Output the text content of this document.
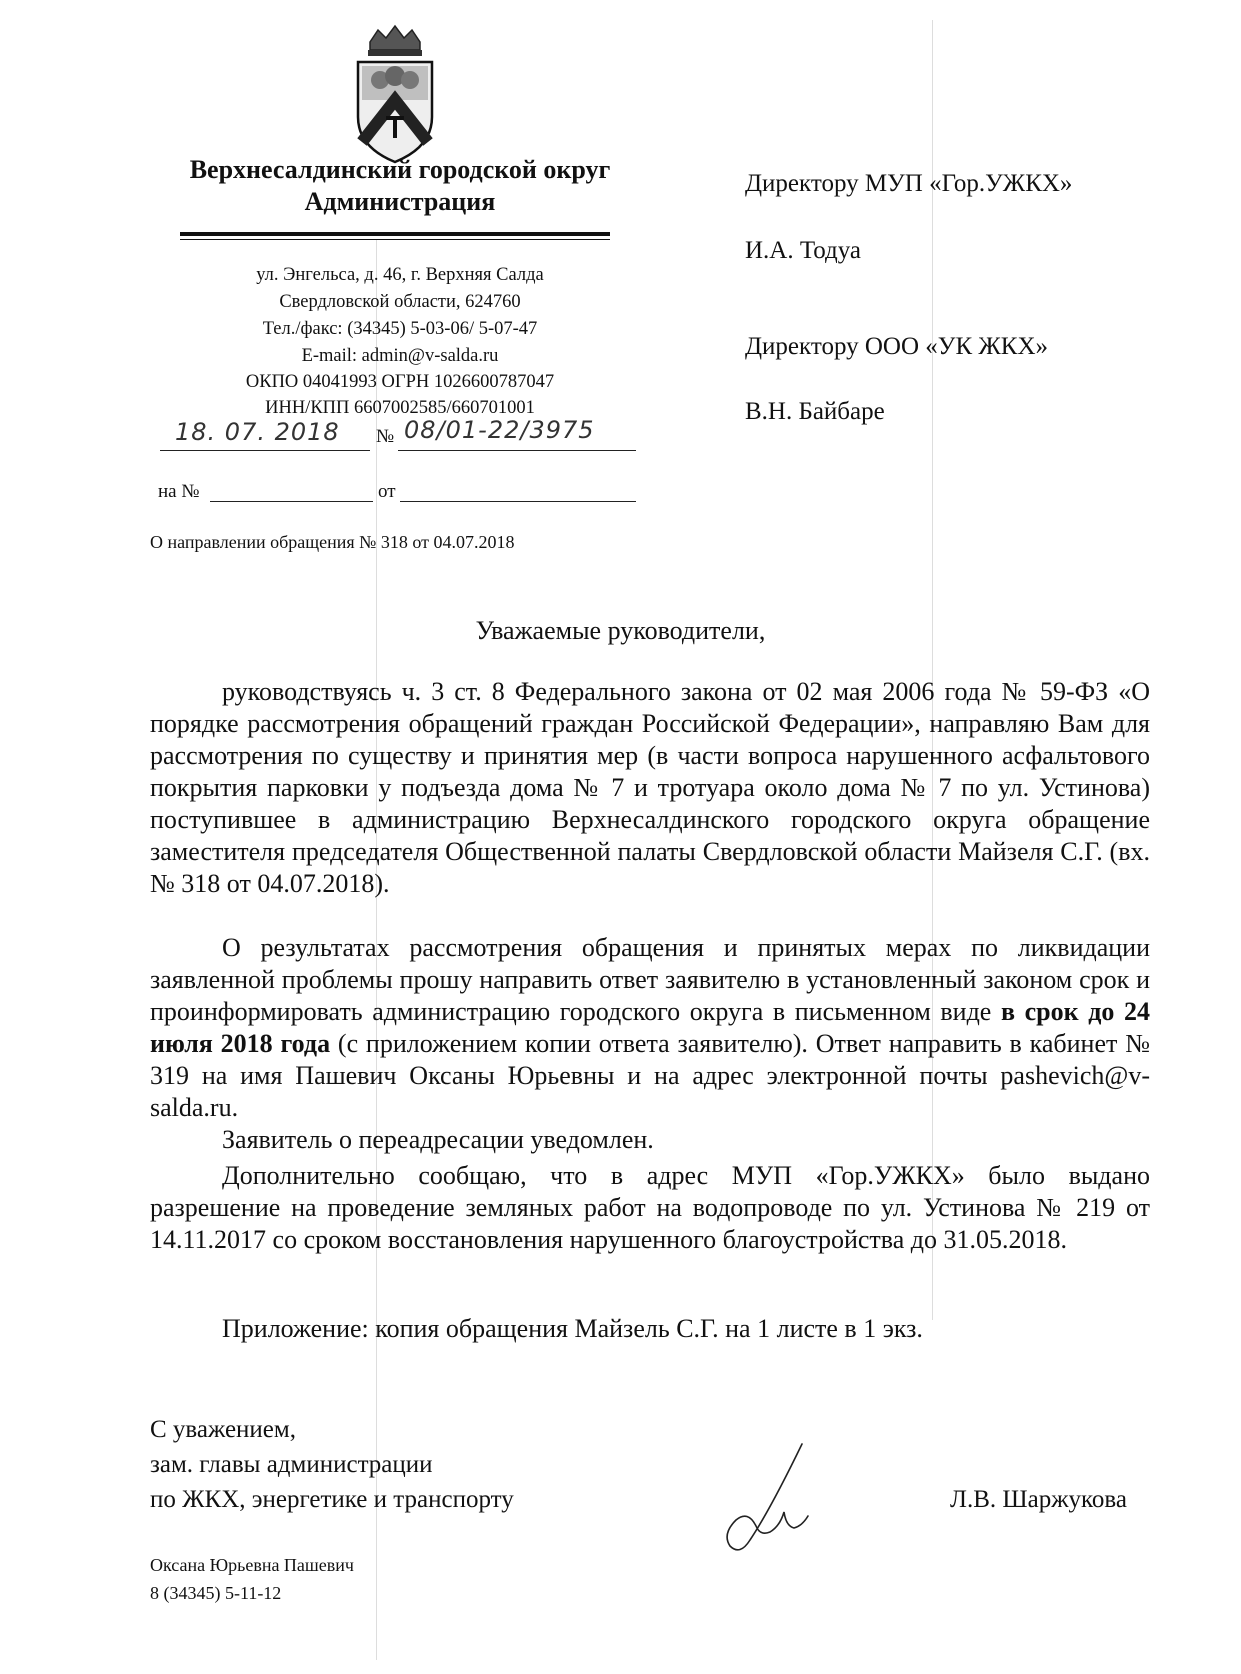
Верхнесалдинский городской округ
Администрация
ул. Энгельса, д. 46, г. Верхняя Салда
Свердловской области, 624760
Тел./факс: (34345) 5-03-06/ 5-07-47
E-mail: admin@v-salda.ru
ОКПО 04041993 ОГРН 1026600787047
ИНН/КПП 6607002585/660701001
18. 07. 2018 № 08/01-22/3975
на №	от
О направлении обращения № 318 от 04.07.2018
Директору МУП «Гор.УЖКХ»
И.А. Тодуа
Директору ООО «УК ЖКХ»
В.Н. Байбаре
Уважаемые руководители,
руководствуясь ч. 3 ст. 8 Федерального закона от 02 мая 2006 года № 59-ФЗ «О порядке рассмотрения обращений граждан Российской Федерации», направляю Вам для рассмотрения по существу и принятия мер (в части вопроса нарушенного асфальтового покрытия парковки у подъезда дома № 7 и тротуара около дома № 7 по ул. Устинова) поступившее в администрацию Верхнесалдинского городского округа обращение заместителя председателя Общественной палаты Свердловской области Майзеля С.Г. (вх. № 318 от 04.07.2018).
О результатах рассмотрения обращения и принятых мерах по ликвидации заявленной проблемы прошу направить ответ заявителю в установленный законом срок и проинформировать администрацию городского округа в письменном виде в срок до 24 июля 2018 года (с приложением копии ответа заявителю). Ответ направить в кабинет № 319 на имя Пашевич Оксаны Юрьевны и на адрес электронной почты pashevich@v-salda.ru.
Заявитель о переадресации уведомлен.
Дополнительно сообщаю, что в адрес МУП «Гор.УЖКХ» было выдано разрешение на проведение земляных работ на водопроводе по ул. Устинова № 219 от 14.11.2017 со сроком восстановления нарушенного благоустройства до 31.05.2018.
Приложение: копия обращения Майзель С.Г. на 1 листе в 1 экз.
С уважением,
зам. главы администрации
по ЖКХ, энергетике и транспорту	Л.В. Шаржукова
Оксана Юрьевна Пашевич
8 (34345) 5-11-12
